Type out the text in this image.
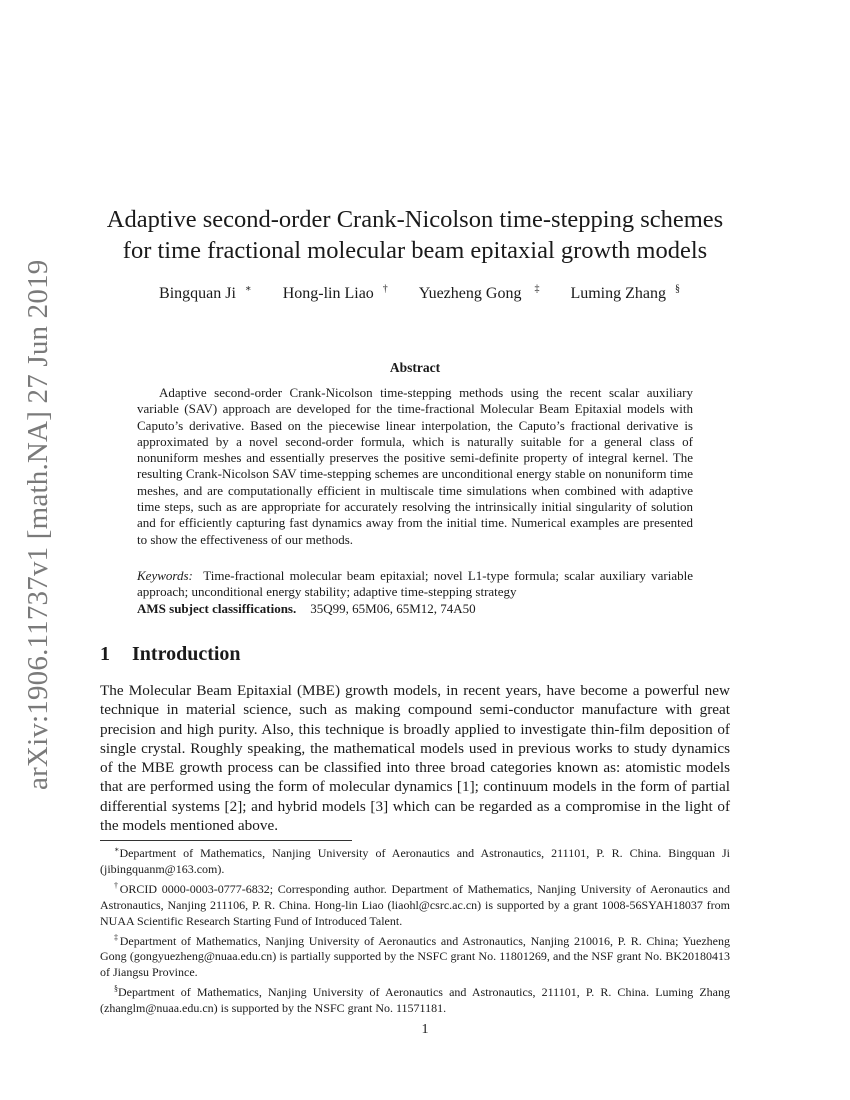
arXiv:1906.11737v1 [math.NA] 27 Jun 2019
Adaptive second-order Crank-Nicolson time-stepping schemes for time fractional molecular beam epitaxial growth models
Bingquan Ji ∗ Hong-lin Liao † Yuezheng Gong ‡ Luming Zhang §
Abstract

Adaptive second-order Crank-Nicolson time-stepping methods using the recent scalar auxiliary variable (SAV) approach are developed for the time-fractional Molecular Beam Epitaxial models with Caputo’s derivative. Based on the piecewise linear interpolation, the Caputo’s fractional derivative is approximated by a novel second-order formula, which is naturally suitable for a general class of nonuniform meshes and essentially preserves the positive semi-definite property of integral kernel. The resulting Crank-Nicolson SAV time-stepping schemes are unconditional energy stable on nonuniform time meshes, and are computationally efficient in multiscale time simulations when combined with adaptive time steps, such as are appropriate for accurately resolving the intrinsically initial singularity of solution and for efficiently capturing fast dynamics away from the initial time. Numerical examples are presented to show the effectiveness of our methods.

Keywords: Time-fractional molecular beam epitaxial; novel L1-type formula; scalar auxiliary variable approach; unconditional energy stability; adaptive time-stepping strategy

AMS subject classiffications. 35Q99, 65M06, 65M12, 74A50

1 Introduction

The Molecular Beam Epitaxial (MBE) growth models, in recent years, have become a powerful new technique in material science, such as making compound semi-conductor manufacture with great precision and high purity. Also, this technique is broadly applied to investigate thin-film deposition of single crystal. Roughly speaking, the mathematical models used in previous works to study dynamics of the MBE growth process can be classified into three broad categories known as: atomistic models that are performed using the form of molecular dynamics [1]; continuum models in the form of partial differential systems [2]; and hybrid models [3] which can be regarded as a compromise in the light of the models mentioned above.

∗Department of Mathematics, Nanjing University of Aeronautics and Astronautics, 211101, P. R. China. Bingquan Ji (jibingquanm@163.com).

†ORCID 0000-0003-0777-6832; Corresponding author. Department of Mathematics, Nanjing University of Aeronautics and Astronautics, Nanjing 211106, P. R. China. Hong-lin Liao (liaohl@csrc.ac.cn) is supported by a grant 1008-56SYAH18037 from NUAA Scientific Research Starting Fund of Introduced Talent.

‡Department of Mathematics, Nanjing University of Aeronautics and Astronautics, Nanjing 210016, P. R. China; Yuezheng Gong (gongyuezheng@nuaa.edu.cn) is partially supported by the NSFC grant No. 11801269, and the NSF grant No. BK20180413 of Jiangsu Province.

§Department of Mathematics, Nanjing University of Aeronautics and Astronautics, 211101, P. R. China. Luming Zhang (zhanglm@nuaa.edu.cn) is supported by the NSFC grant No. 11571181.

1
